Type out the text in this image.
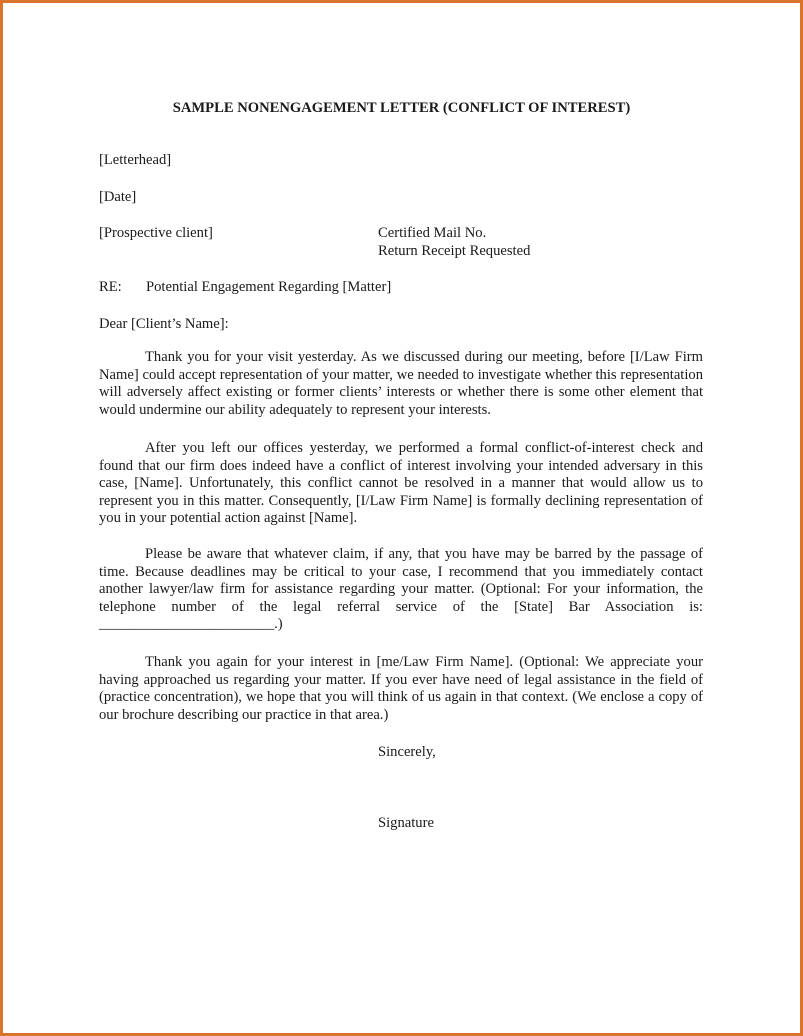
SAMPLE NONENGAGEMENT LETTER (CONFLICT OF INTEREST)
[Letterhead]
[Date]
[Prospective client]	Certified Mail No.
Return Receipt Requested
RE: Potential Engagement Regarding [Matter]
Dear [Client’s Name]:
Thank you for your visit yesterday. As we discussed during our meeting, before [I/Law Firm Name] could accept representation of your matter, we needed to investigate whether this representation will adversely affect existing or former clients’ interests or whether there is some other element that would undermine our ability adequately to represent your interests.
After you left our offices yesterday, we performed a formal conflict-of-interest check and found that our firm does indeed have a conflict of interest involving your intended adversary in this case, [Name]. Unfortunately, this conflict cannot be resolved in a manner that would allow us to represent you in this matter. Consequently, [I/Law Firm Name] is formally declining representation of you in your potential action against [Name].
Please be aware that whatever claim, if any, that you have may be barred by the passage of time. Because deadlines may be critical to your case, I recommend that you immediately contact another lawyer/law firm for assistance regarding your matter. (Optional: For your information, the telephone number of the legal referral service of the [State] Bar Association is: ________________________.)
Thank you again for your interest in [me/Law Firm Name]. (Optional: We appreciate your having approached us regarding your matter. If you ever have need of legal assistance in the field of (practice concentration), we hope that you will think of us again in that context. (We enclose a copy of our brochure describing our practice in that area.)
Sincerely,
Signature
